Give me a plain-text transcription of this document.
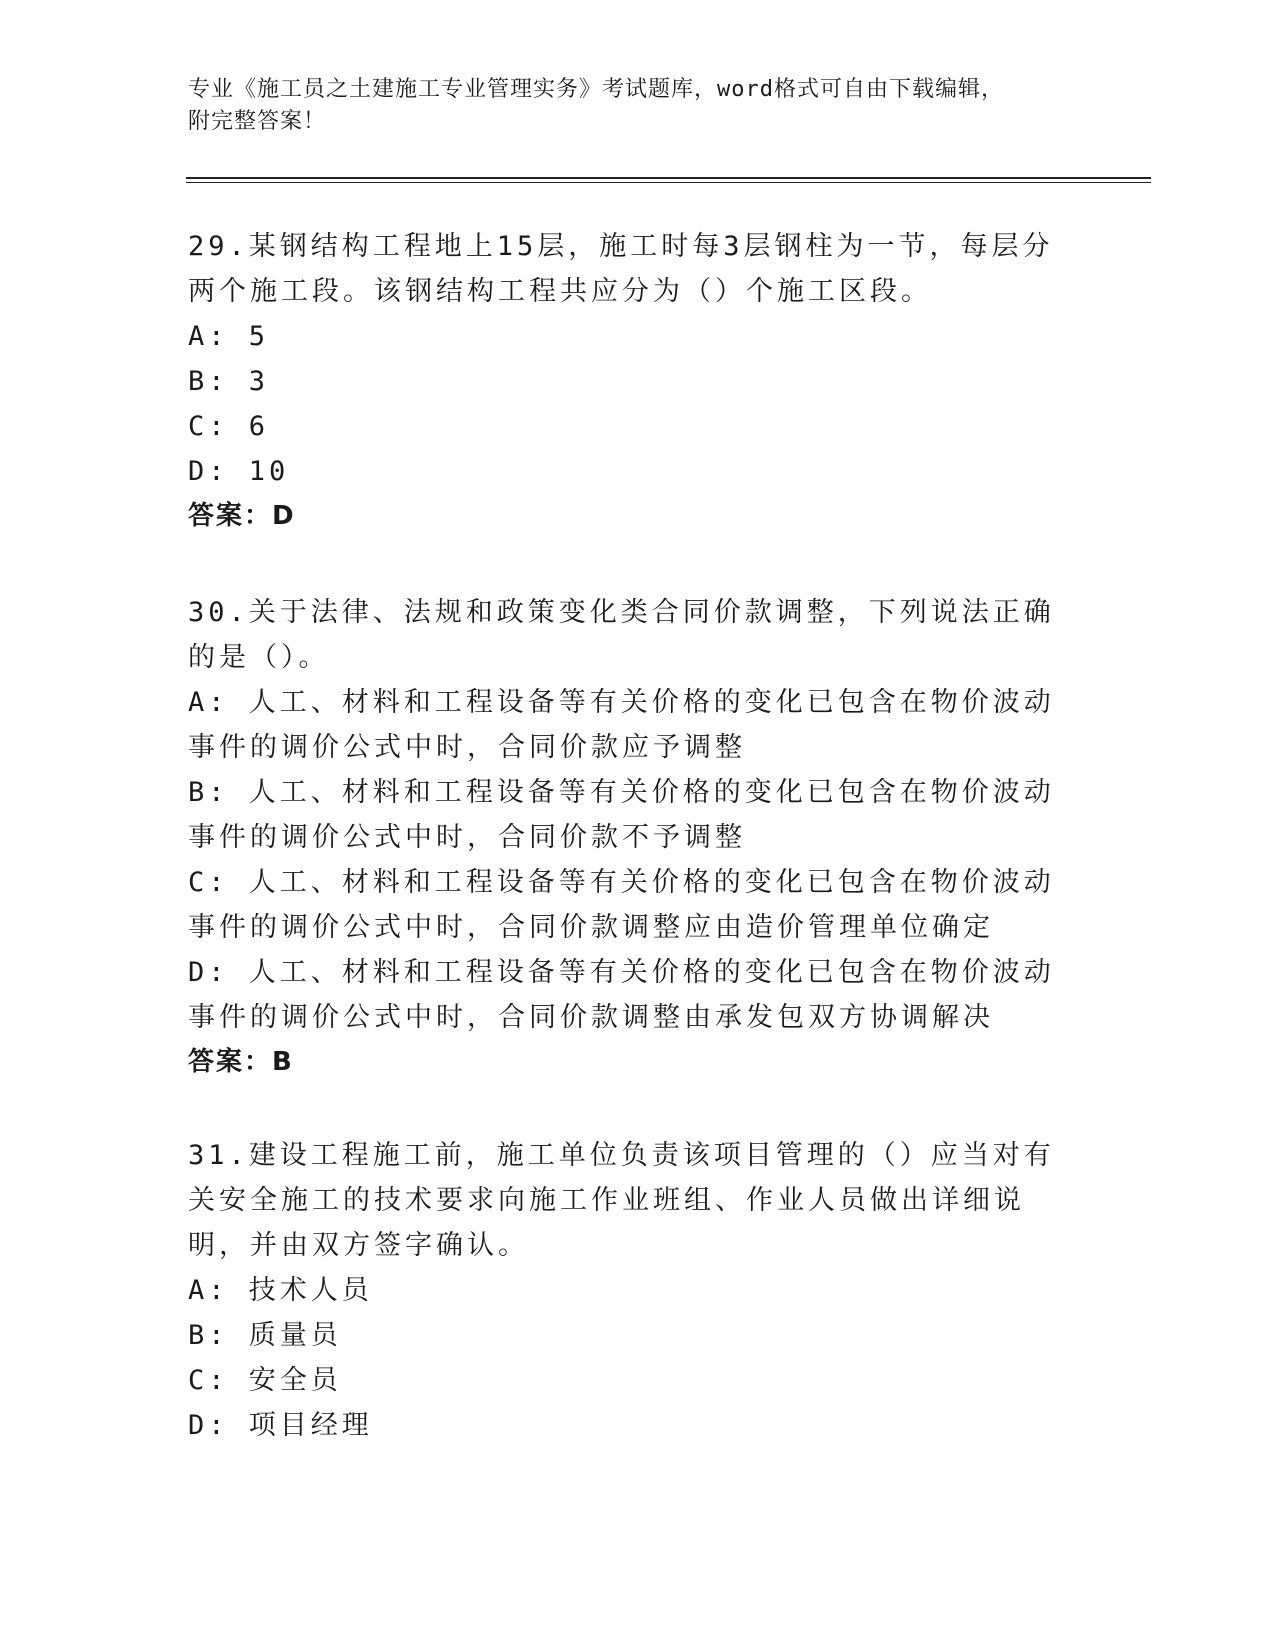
专业《施工员之土建施工专业管理实务》考试题库，word格式可自由下载编辑，
附完整答案！

29.某钢结构工程地上15层，施工时每3层钢柱为一节，每层分两个施工段。该钢结构工程共应分为（）个施工区段。

A: 5

B: 3

C: 6

D: 10

答案：D

30.关于法律、法规和政策变化类合同价款调整，下列说法正确的是（）。

A: 人工、材料和工程设备等有关价格的变化已包含在物价波动事件的调价公式中时，合同价款应予调整

B: 人工、材料和工程设备等有关价格的变化已包含在物价波动事件的调价公式中时，合同价款不予调整

C: 人工、材料和工程设备等有关价格的变化已包含在物价波动事件的调价公式中时，合同价款调整应由造价管理单位确定

D: 人工、材料和工程设备等有关价格的变化已包含在物价波动事件的调价公式中时，合同价款调整由承发包双方协调解决

答案：B

31.建设工程施工前，施工单位负责该项目管理的（）应当对有关安全施工的技术要求向施工作业班组、作业人员做出详细说明，并由双方签字确认。

A: 技术人员

B: 质量员

C: 安全员

D: 项目经理
